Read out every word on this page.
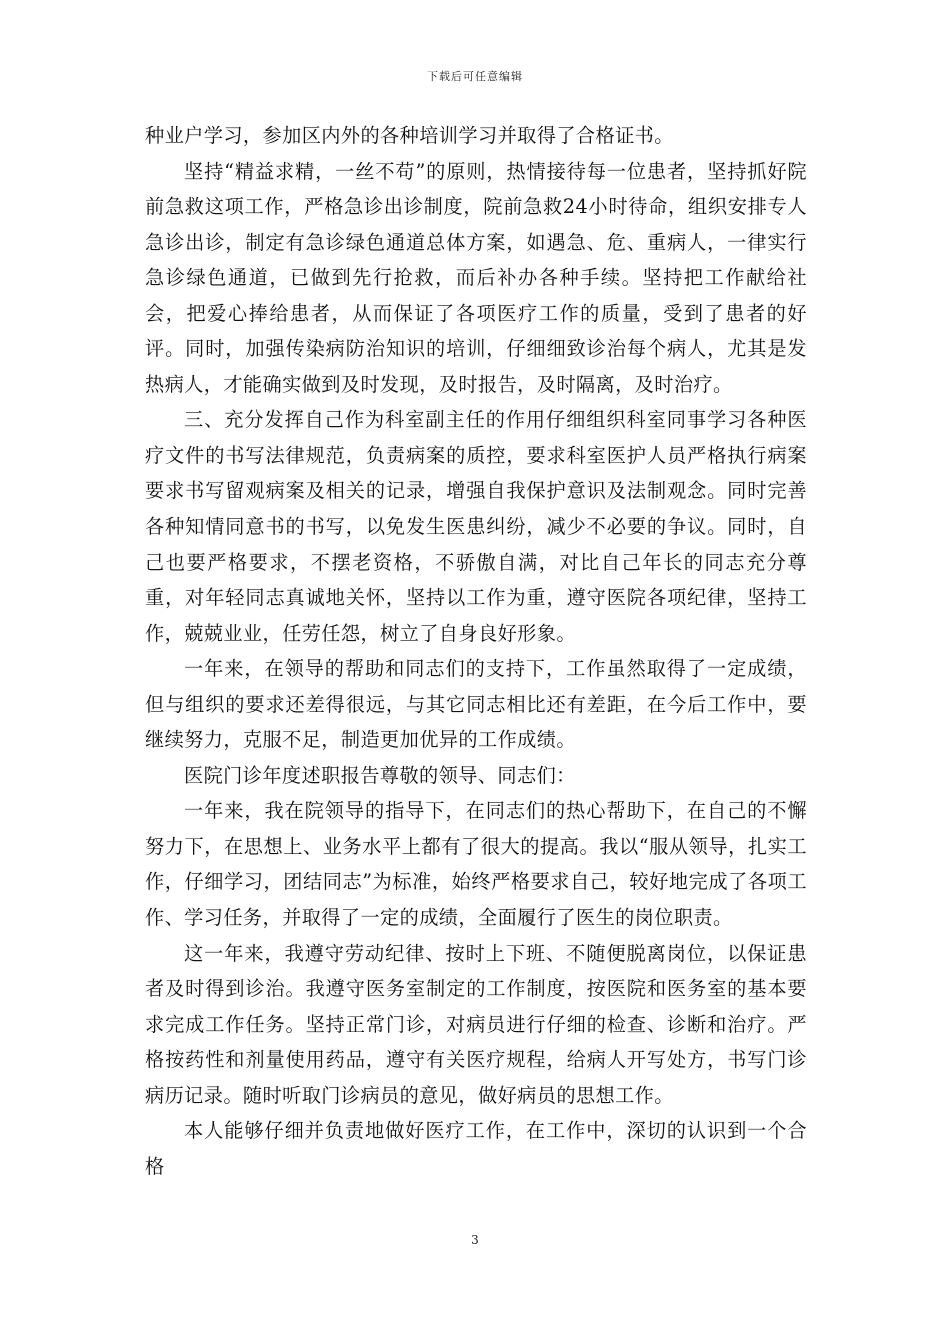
下载后可任意编辑

种业户学习，参加区内外的各种培训学习并取得了合格证书。

坚持“精益求精，一丝不苟”的原则，热情接待每一位患者，坚持抓好院前急救这项工作，严格急诊出诊制度，院前急救24小时待命，组织安排专人急诊出诊，制定有急诊绿色通道总体方案，如遇急、危、重病人，一律实行急诊绿色通道，已做到先行抢救，而后补办各种手续。坚持把工作献给社会，把爱心捧给患者，从而保证了各项医疗工作的质量，受到了患者的好评。同时，加强传染病防治知识的培训，仔细细致诊治每个病人，尤其是发热病人，才能确实做到及时发现，及时报告，及时隔离，及时治疗。

三、充分发挥自己作为科室副主任的作用仔细组织科室同事学习各种医疗文件的书写法律规范，负责病案的质控，要求科室医护人员严格执行病案要求书写留观病案及相关的记录，增强自我保护意识及法制观念。同时完善各种知情同意书的书写，以免发生医患纠纷，减少不必要的争议。同时，自己也要严格要求，不摆老资格，不骄傲自满，对比自己年长的同志充分尊重，对年轻同志真诚地关怀，坚持以工作为重，遵守医院各项纪律，坚持工作，兢兢业业，任劳任怨，树立了自身良好形象。

一年来，在领导的帮助和同志们的支持下，工作虽然取得了一定成绩，但与组织的要求还差得很远，与其它同志相比还有差距，在今后工作中，要继续努力，克服不足，制造更加优异的工作成绩。

医院门诊年度述职报告尊敬的领导、同志们：

一年来，我在院领导的指导下，在同志们的热心帮助下，在自己的不懈努力下，在思想上、业务水平上都有了很大的提高。我以“服从领导，扎实工作，仔细学习，团结同志”为标准，始终严格要求自己，较好地完成了各项工作、学习任务，并取得了一定的成绩，全面履行了医生的岗位职责。

这一年来，我遵守劳动纪律、按时上下班、不随便脱离岗位，以保证患者及时得到诊治。我遵守医务室制定的工作制度，按医院和医务室的基本要求完成工作任务。坚持正常门诊，对病员进行仔细的检查、诊断和治疗。严格按药性和剂量使用药品，遵守有关医疗规程，给病人开写处方，书写门诊病历记录。随时听取门诊病员的意见，做好病员的思想工作。

本人能够仔细并负责地做好医疗工作，在工作中，深切的认识到一个合格

3
